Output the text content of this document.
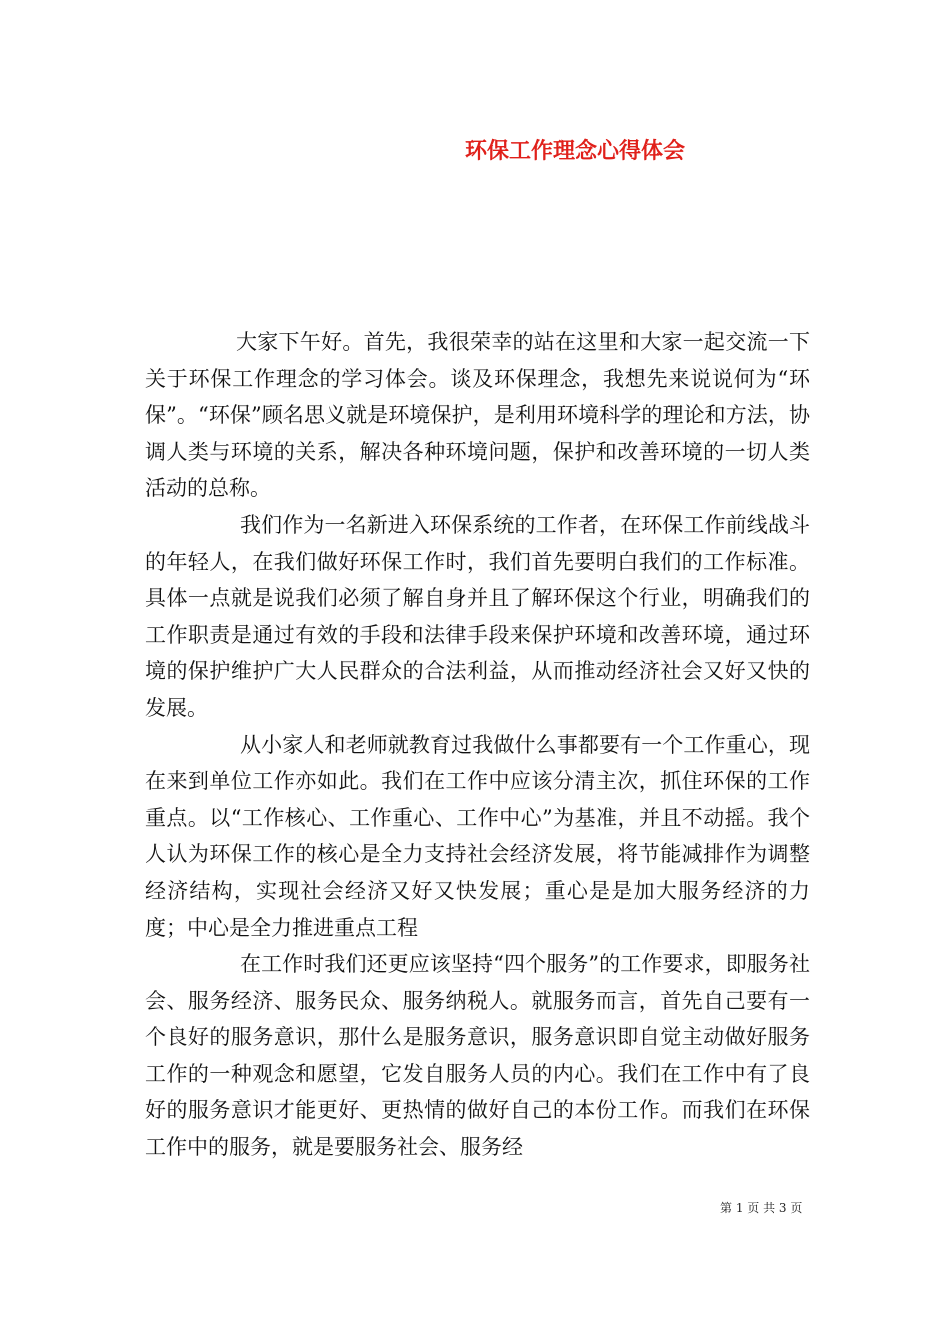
环保工作理念心得体会

大家下午好。首先，我很荣幸的站在这里和大家一起交流一下关于环保工作理念的学习体会。谈及环保理念，我想先来说说何为“环保”。“环保”顾名思义就是环境保护，是利用环境科学的理论和方法，协调人类与环境的关系，解决各种环境问题，保护和改善环境的一切人类活动的总称。

我们作为一名新进入环保系统的工作者，在环保工作前线战斗的年轻人，在我们做好环保工作时，我们首先要明白我们的工作标准。具体一点就是说我们必须了解自身并且了解环保这个行业，明确我们的工作职责是通过有效的手段和法律手段来保护环境和改善环境，通过环境的保护维护广大人民群众的合法利益，从而推动经济社会又好又快的发展。

从小家人和老师就教育过我做什么事都要有一个工作重心，现在来到单位工作亦如此。我们在工作中应该分清主次，抓住环保的工作重点。以“工作核心、工作重心、工作中心”为基准，并且不动摇。我个人认为环保工作的核心是全力支持社会经济发展，将节能减排作为调整经济结构，实现社会经济又好又快发展；重心是是加大服务经济的力度；中心是全力推进重点工程

在工作时我们还更应该坚持“四个服务”的工作要求，即服务社会、服务经济、服务民众、服务纳税人。就服务而言，首先自己要有一个良好的服务意识，那什么是服务意识，服务意识即自觉主动做好服务工作的一种观念和愿望，它发自服务人员的内心。我们在工作中有了良好的服务意识才能更好、更热情的做好自己的本份工作。而我们在环保工作中的服务，就是要服务社会、服务经

第 1 页 共 3 页
